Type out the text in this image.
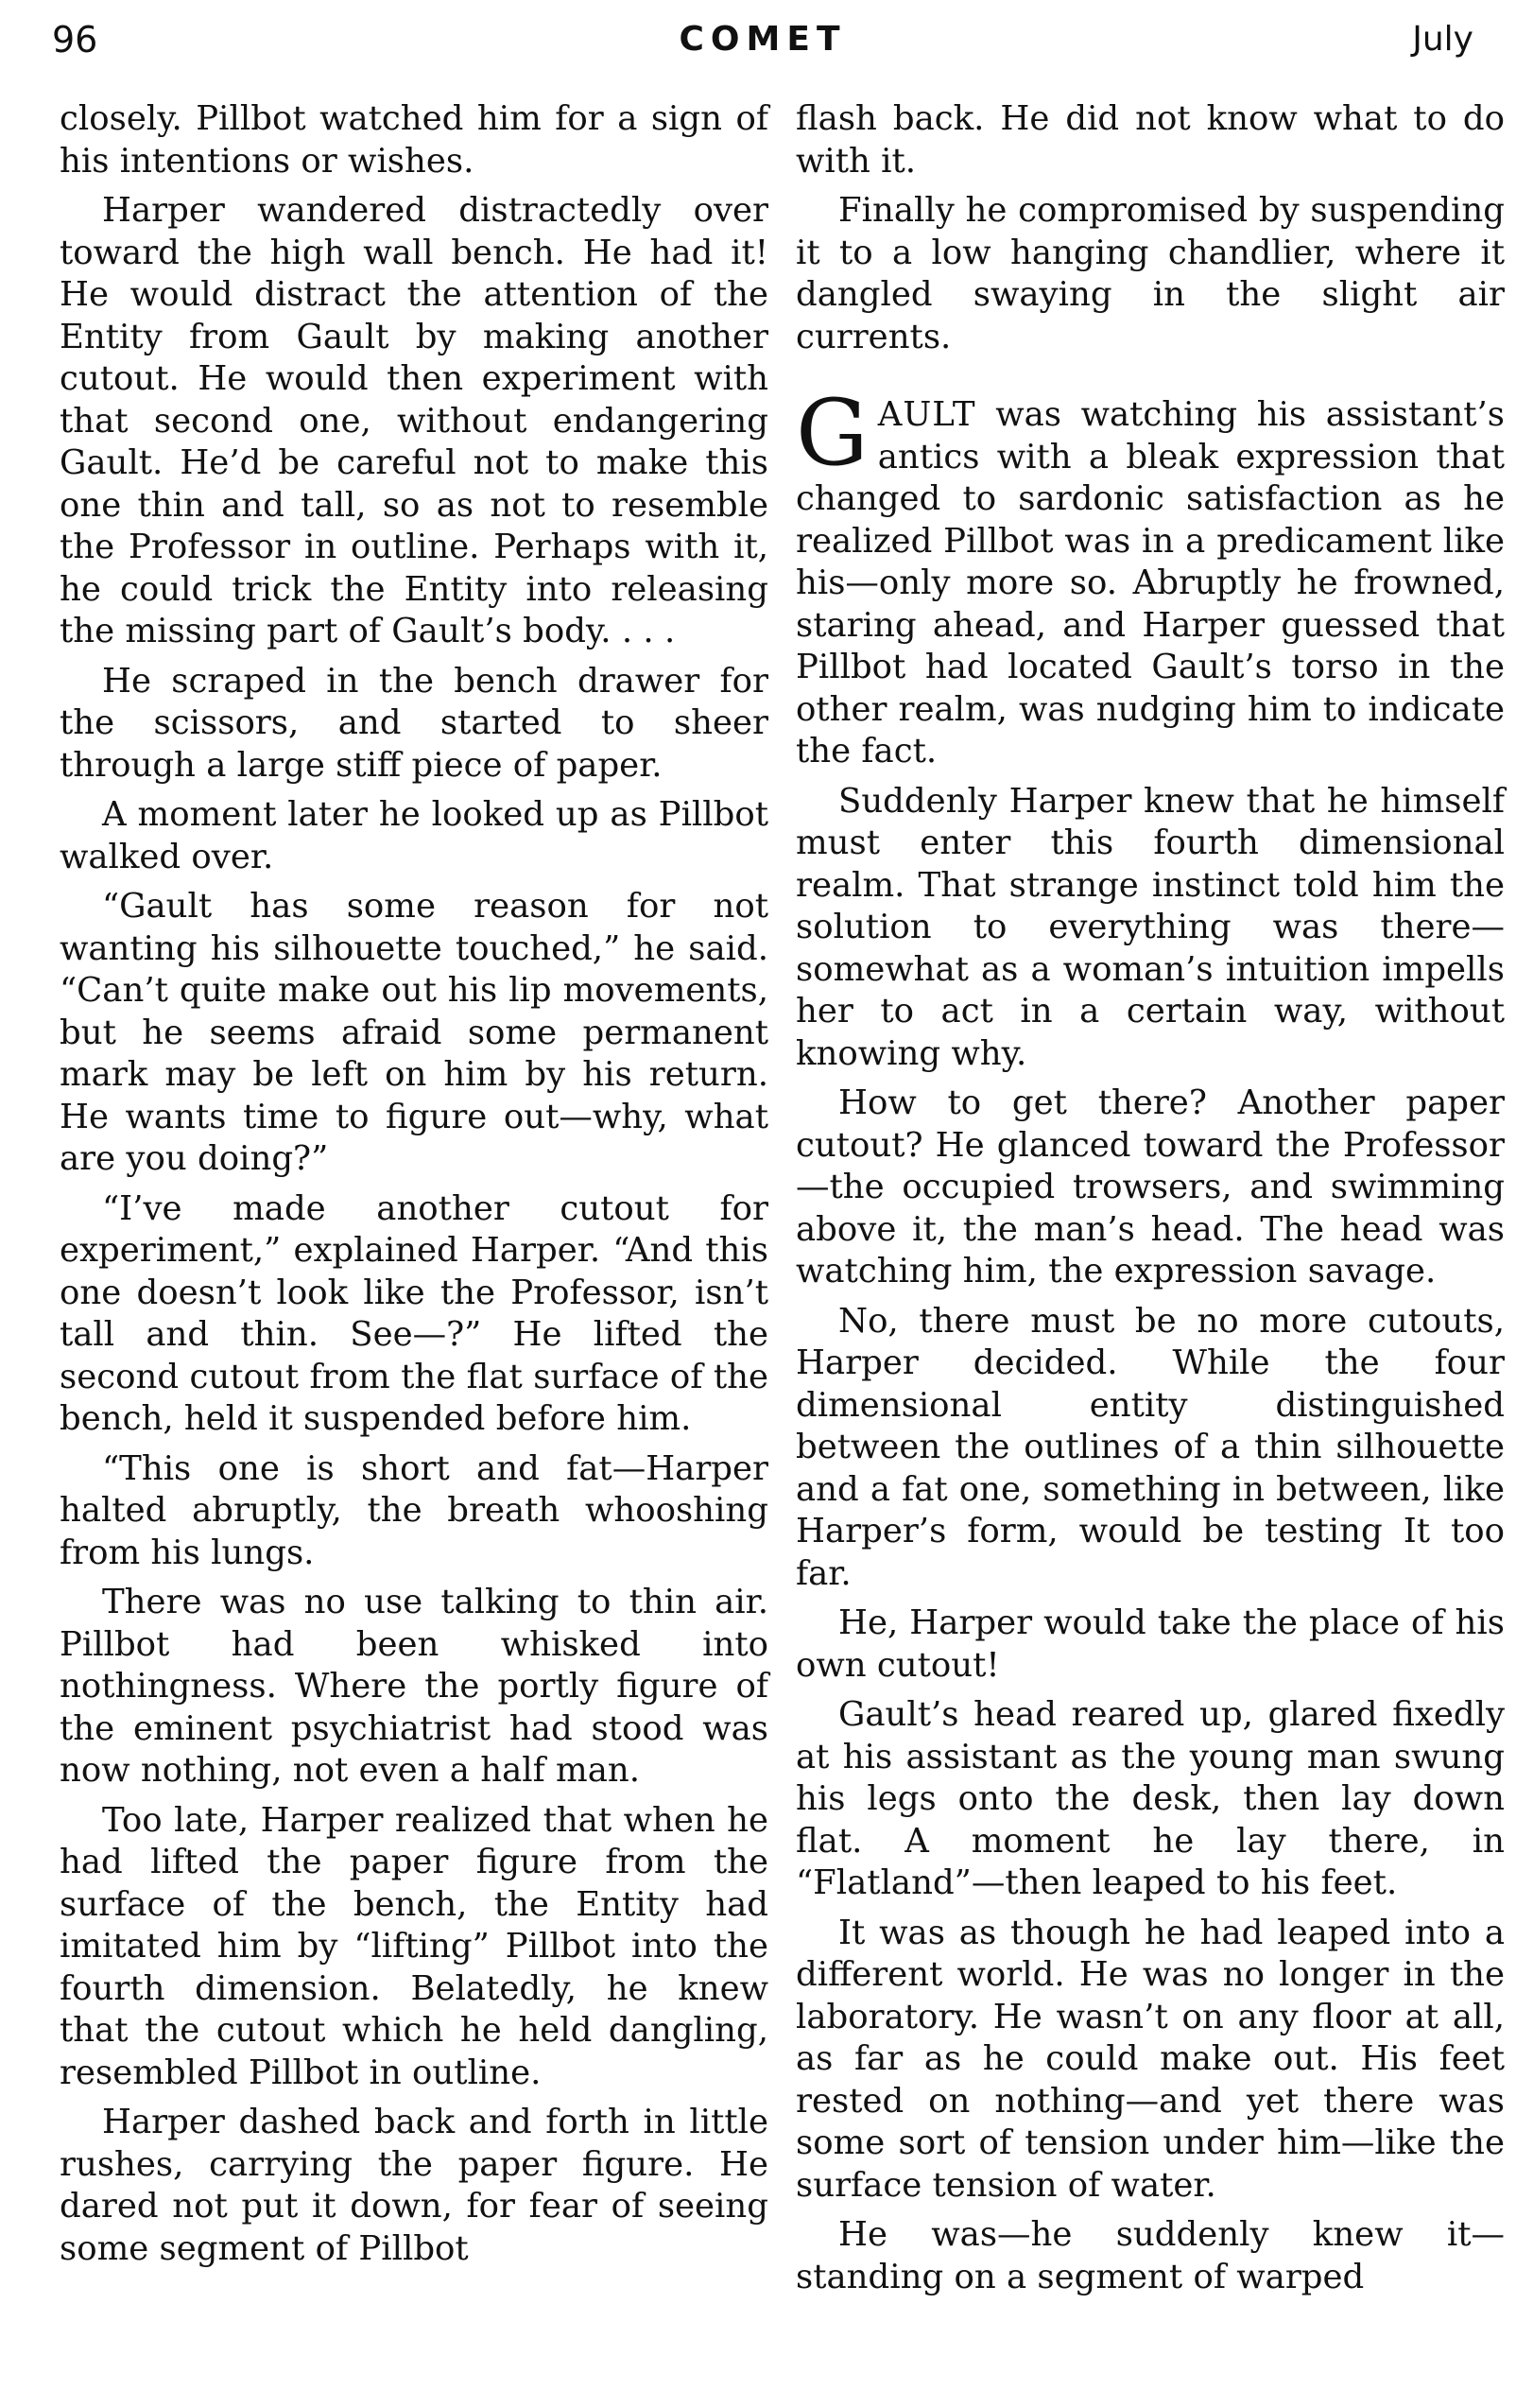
96	COMET	July

closely. Pillbot watched him for a sign of his intentions or wishes.

Harper wandered distractedly over toward the high wall bench. He had it! He would distract the attention of the Entity from Gault by making another cutout. He would then experiment with that second one, without endangering Gault. He’d be careful not to make this one thin and tall, so as not to resemble the Professor in outline. Perhaps with it, he could trick the Entity into releasing the missing part of Gault’s body. . . .

He scraped in the bench drawer for the scissors, and started to sheer through a large stiff piece of paper.

A moment later he looked up as Pillbot walked over.

“Gault has some reason for not wanting his silhouette touched,” he said. “Can’t quite make out his lip movements, but he seems afraid some permanent mark may be left on him by his return. He wants time to figure out—why, what are you doing?”

“I’ve made another cutout for experiment,” explained Harper. “And this one doesn’t look like the Professor, isn’t tall and thin. See—?” He lifted the second cutout from the flat surface of the bench, held it suspended before him.

“This one is short and fat—Harper halted abruptly, the breath whooshing from his lungs.

There was no use talking to thin air. Pillbot had been whisked into nothingness. Where the portly figure of the eminent psychiatrist had stood was now nothing, not even a half man.

Too late, Harper realized that when he had lifted the paper figure from the surface of the bench, the Entity had imitated him by “lifting” Pillbot into the fourth dimension. Belatedly, he knew that the cutout which he held dangling, resembled Pillbot in outline.

Harper dashed back and forth in little rushes, carrying the paper figure. He dared not put it down, for fear of seeing some segment of Pillbot

flash back. He did not know what to do with it.

Finally he compromised by suspending it to a low hanging chandlier, where it dangled swaying in the slight air currents.

GAULT was watching his assistant’s antics with a bleak expression that changed to sardonic satisfaction as he realized Pillbot was in a predicament like his—only more so. Abruptly he frowned, staring ahead, and Harper guessed that Pillbot had located Gault’s torso in the other realm, was nudging him to indicate the fact.

Suddenly Harper knew that he himself must enter this fourth dimensional realm. That strange instinct told him the solution to everything was there—somewhat as a woman’s intuition impells her to act in a certain way, without knowing why.

How to get there? Another paper cutout? He glanced toward the Professor—the occupied trowsers, and swimming above it, the man’s head. The head was watching him, the expression savage.

No, there must be no more cutouts, Harper decided. While the four dimensional entity distinguished between the outlines of a thin silhouette and a fat one, something in between, like Harper’s form, would be testing It too far.

He, Harper would take the place of his own cutout!

Gault’s head reared up, glared fixedly at his assistant as the young man swung his legs onto the desk, then lay down flat. A moment he lay there, in “Flatland”—then leaped to his feet.

It was as though he had leaped into a different world. He was no longer in the laboratory. He wasn’t on any floor at all, as far as he could make out. His feet rested on nothing—and yet there was some sort of tension under him—like the surface tension of water.

He was—he suddenly knew it—standing on a segment of warped
